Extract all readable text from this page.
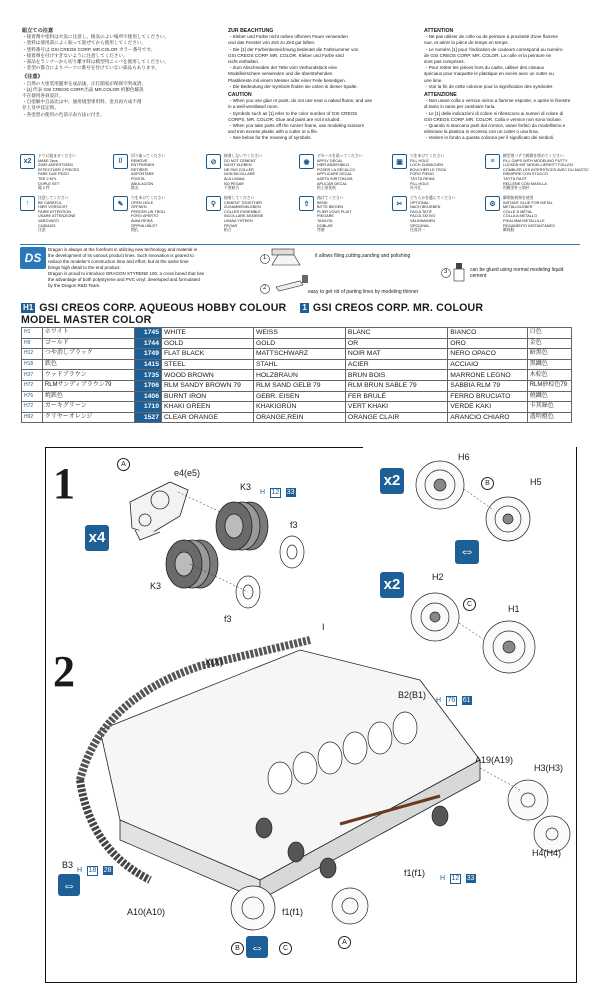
組立ての注意
・接着剤や塗料は火気に注意し、換気のよい場所で使用してください。
・塗料は使用前によく振って混ぜてから使用してください。
・塗料番号は GSI CREOS CORP. MR.COLOR カラー番号です。
・接着剤を付けすぎないように注意してください。
・部品をランナーから切り離す時は模型用ニッパを使用してください。
・金型の都合によりパーツに番号を付けていない部品もあります。
《注意》
・自然の大塗装用題率を成品速、正打開家が保保空突成済。
・[1] 代表 GSI CREOS CORP.出品 MR.COLOR 約類色解説
不在使用各員設計。
・自塗解中自品比は中、通用規型専用料、金具再方成不剤
存上及中技定時。
・各塗型の使用の色前示表方法に付き。
ZUR BEACHTUNG
・Kleber und Farbe nicht neben offenem Feuer verwenden
und das Fenster von Zeit zu Zeit gut lüften.
・Die [1] der Farbenbezeichnung bedeutet die Farbnummer von
GSI CREOS CORP. MR. COLOR. Kleber und Farbe sind
nicht enthalten.
・Zum Abschneiden der Teile vom Verbundstück eine
Modellierschere verwenden und die überstehenden
Plastikreste mit einem Messer oder einer Feile beseitigen.
・Die Bedeutung der Symbols finden sie unten in dieser Spalte.
CAUTION
・When you use glue or paint, do not use near a naked flame, and use
in a well-ventilated room.
・Symbols such as [1] refer to the color number of GSI CREOS
CORPS, MR. COLOR. Glue and paint are not included.
・When you take parts off the runner frame, use modeling scissors
and trim excess plastic with a cutter or a file.
・See below for the meaning of symbols.
ATTENTION
・Ne pas utiliser de colle ou de peinture à proximité d'une flamme
nue, et aérer la pièce de temps en temps.
・Le numéro [1] pour l'indication de couleurs correspond au numéro
de GSI CREOS CORP. MR. COLOR. La colle et la peinture ne
sont pas comprises.
・Pour retirer les pièces hors du cadre, utiliser des ciseaux
spéciaux pour maquette le plastique en excès avec un cutter ou
une lime.
・Voir la fin de cette colonne pour la signification des symboles
ATTENZIONE
・Non usare colla o vernice vicino a fiamme esposte, e aprire le finestre
di tanto in tanto per cambiare l'aria.
・Le [1] delle indicazioni di colore si riferiscono ai numeri di colore di
GSI CREOS CORP. MR. COLOR. Colla e vernice non sono incluse.
・Quando si staccano parti dal cornice, usare forbici da modellismo e
eliminare la plastica in eccesso con un cutter o una lima.
・Vedere in fondo a questa colonna per il significato dei simboli.
x2
ドウに組ませください
MAKE 2pcs
ZWEI ANFERTIGEN
EFFECTUER 2 PIECES
FARE DUE PEZZI
TEE 2 KPL
DOPLE SET
做 2 件
//
切り取ってください
REMOVE
ENTFERNEN
RETIRER
ASPORTARE
POISTA
ANULACIÓN
除去
⊘
接着しないでください
DO NOT CEMENT
NICHT KLEBEN
NE PAS COLLER
NON INCOLLARE
ÄLÄ LIIMAA
NO PEGAR
不要粘合
◉
デカールを貼ってください
APPLY DECAL
HIER ABZIEHBILD
POSER LA DÉCALCO
APPLICARE DECAL
ASETA SIIRTOKUVA
APLICAR DECAL
贴上贴花纸
▣
穴をあけてください
FILL HOLE
LOCH ZUMACHEN
BOUCHER LE TROU
FORO PIENO
TÄYTÄ REIKÄ
FILL HOLE
补开孔
≡
模型用パテで隙間を埋めてください
FILL GAPS WITH MODELING PUTTY
LÜCKEN MIT MODELLIERKITT FÜLLEN
COMBLER LES INTERSTICES AVEC DU MASTIC
RIEMPIRE CON STUCCO
TÄYTÄ RAOT
RELLENE CON MASILLA
用模型补土填补
↑
注意してください
BE CAREFUL
HIER VORSICHT
FAIRE ATTENTION
USARE ATTENZIONE
VAROVASTI
CUIDADO
注意
✎
穴をあけてください
OPEN HOLE
ÖFFNEN
PERCER UN TROU
FORO APERTO
AVAA REIKÄ
ÖPPNA HÅLET
開孔
⚲
接着してください
CEMENT TOGETHER
ZUSAMMENKLEBEN
COLLER ENSEMBLE
INCOLLARE ASSIEME
LIIMAA YHTEEN
PEGAR
粘合
⇧
曲げてください
BEND
BITTE BIEGEN
PLIER VOUS PLAIT
PIEGARE
TAIVUTA
DOBLAR
弯曲
✂
どちらかを選んでください
OPTIONAL
NACH BELIEBEN
FACULTATIF
FACOLTATIVO
VALINNAINEN
OPCIONAL
任选其一
⚙
瞬間接着剤を使用
INSTANT GLUE FOR METAL
METALLKLEBER
COLLE À MÉTAL
COLLA A METALLO
PIKALIIMA METALLILLE
PEGAMENTO INSTANTÁNEO
瞬间胶
DS
Dragon is always at the forefront in utilizing new technology and material in
the development of its various product lines. Such innovation is geared to
reduce the modeler's construction time and effort, but at the same time
brings high detail to the end product.
Dragon is proud to introduce DRAGON STYRENE 100, a cross breed that has
the advantage of both polystyrene and PVC vinyl, developed and formulated
by the Dragon R&D Team.
1
2
3
it allows filing,cutting,sanding and polishing
easy to get rid of parting lines by modeling thinner
can be glued using normal modeling liquid cement
H1 GSI CREOS CORP. AQUEOUS HOBBY COLOUR 1 GSI CREOS CORP. MR. COLOUR
MODEL MASTER COLOR
H1	ホワイト	1745	WHITE	WEISS	BLANC	BIANCO	白色
H9	ゴールド	1744	GOLD	GOLD	OR	ORO	金色
H12	つや消しブラック	1749	FLAT BLACK	MATTSCHWARZ	NOIR MAT	NERO OPACO	暗黑色
H18	鉄色	1415	STEEL	STAHL	ACIER	ACCIAIO	黑鐵色
H37	ウッドブラウン	1735	WOOD BROWN	HOLZBRAUN	BRUN BOIS	MARRONE LEGNO	木棕色
H72	RLMサンディブラウン79	1706	RLM SANDY BROWN 79	RLM SAND GELB 79	RLM BRUN SABLE 79	SABBIA RLM 79	RLM砂棕色79
H76	焼鉄色	1406	BURNT IRON	GEBR. EISEN	FER BRULÉ	FERRO BRUCIATO	燒鐵色
H72	カーキグリーン	1710	KHAKI GREEN	KHAKIGRÜN	VERT KHAKI	VERDE KAKI	卡其綠色
H92	クリヤーオレンジ	1527	CLEAR ORANGE	ORANGE,REIN	ORANGE CLAIR	ARANCIO CHIARO	透明橙色
1
2
A
e4(e5)
K3
H 12 33
f3
K3
f3
x4
x2
H6
B	H5
⇔
x2	H2
C	H1
X(X)
I
B2(B1)
H 76 61
A19(A19)
H3(H3)
H4(H4)
f1(f1)
H 12 33
f1(f1)
A10(A10)
B3
H 18 28
⇔
B ⇔	C
A
